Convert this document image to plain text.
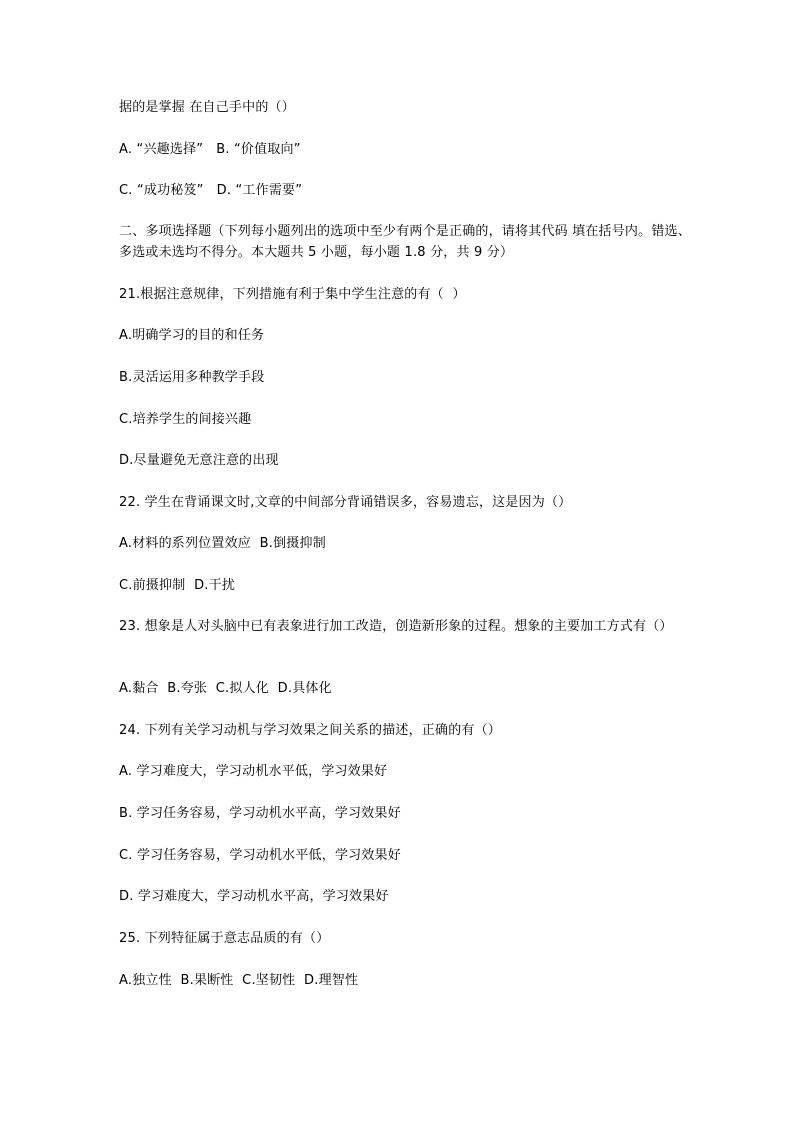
据的是掌握 在自己手中的（）
A. “兴趣选择”   B. “价值取向”
C. “成功秘笈”   D. “工作需要”
二、多项选择题（下列每小题列出的选项中至少有两个是正确的，请将其代码 填在括号内。错选、多选或未选均不得分。本大题共 5 小题，每小题 1.8 分，共 9 分）
21.根据注意规律，下列措施有利于集中学生注意的有（  ）
A.明确学习的目的和任务
B.灵活运用多种教学手段
C.培养学生的间接兴趣
D.尽量避免无意注意的出现
22. 学生在背诵课文时,文章的中间部分背诵错误多，容易遗忘，这是因为（）
A.材料的系列位置效应  B.倒摄抑制
C.前摄抑制  D.干扰
23. 想象是人对头脑中已有表象进行加工改造，创造新形象的过程。想象的主要加工方式有（）
A.黏合  B.夸张  C.拟人化  D.具体化
24. 下列有关学习动机与学习效果之间关系的描述，正确的有（）
A. 学习难度大，学习动机水平低，学习效果好
B. 学习任务容易，学习动机水平高，学习效果好
C. 学习任务容易，学习动机水平低，学习效果好
D. 学习难度大，学习动机水平高，学习效果好
25. 下列特征属于意志品质的有（）
A.独立性  B.果断性  C.坚韧性  D.理智性
